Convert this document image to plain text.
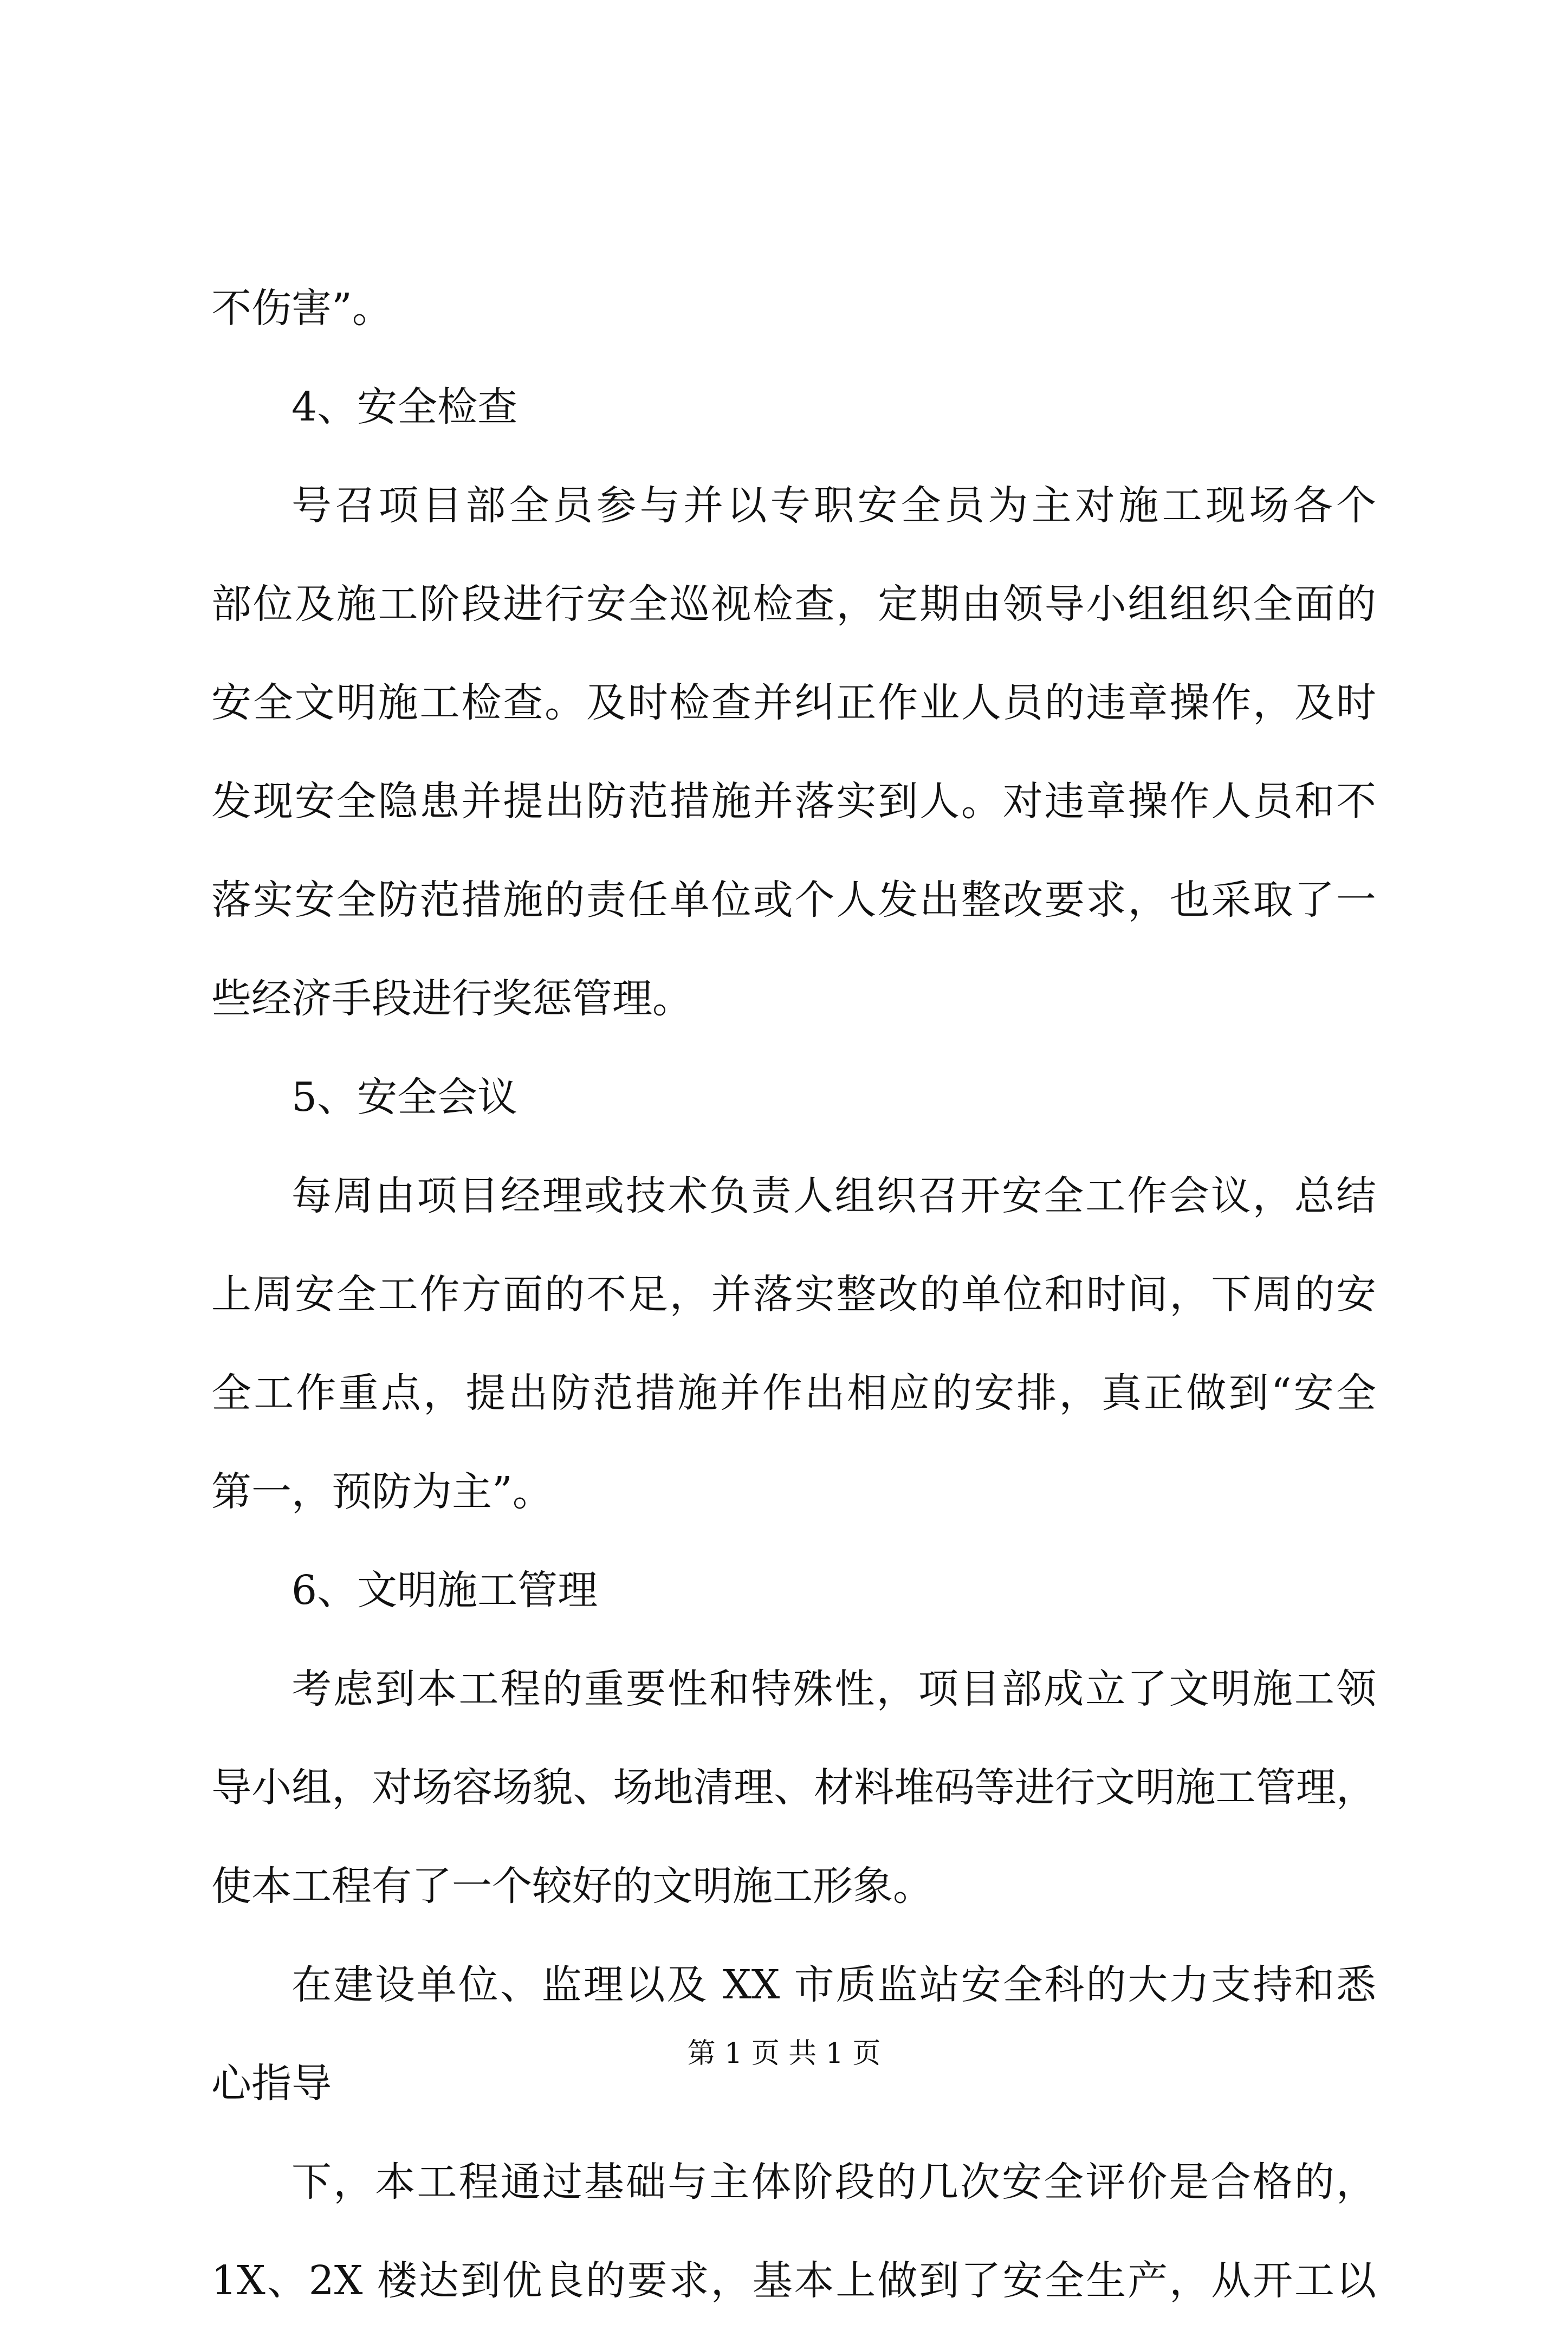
不伤害”。
4、安全检查
号召项目部全员参与并以专职安全员为主对施工现场各个
部位及施工阶段进行安全巡视检查，定期由领导小组组织全面的
安全文明施工检查。及时检查并纠正作业人员的违章操作，及时
发现安全隐患并提出防范措施并落实到人。对违章操作人员和不
落实安全防范措施的责任单位或个人发出整改要求，也采取了一
些经济手段进行奖惩管理。
5、安全会议
每周由项目经理或技术负责人组织召开安全工作会议，总结
上周安全工作方面的不足，并落实整改的单位和时间，下周的安
全工作重点，提出防范措施并作出相应的安排，真正做到“安全
第一，预防为主”。
6、文明施工管理
考虑到本工程的重要性和特殊性，项目部成立了文明施工领
导小组，对场容场貌、场地清理、材料堆码等进行文明施工管理，
使本工程有了一个较好的文明施工形象。
在建设单位、监理以及 XX 市质监站安全科的大力支持和悉
心指导
下，本工程通过基础与主体阶段的几次安全评价是合格的，
1X、2X 楼达到优良的要求，基本上做到了安全生产，从开工以
第 1 页 共 1 页
